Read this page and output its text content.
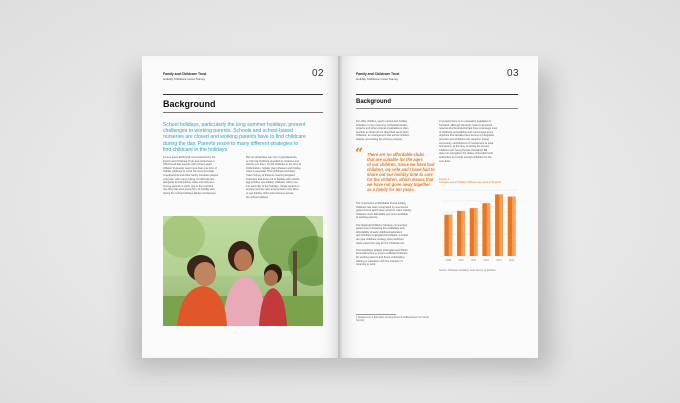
Family and Childcare Trust
Holiday Childcare Costs Survey	02
Background
School holidays, particularly the long summer holidays, present
challenges to working parents. Schools and school-based
nurseries are closed and working parents have to find childcare
during the day. Parents resort to many different strategies to
find childcare in the holidays.
A Lone Ipsos MORI poll commissioned by the
Family and Childcare Trust and carried out in
2016 found that parents with primary-aged
children frequently used more than one form of
holiday childcare to cover the summer break.
Grandparents and other family members played
a big role, with many relying on informal care
alongside formal holiday clubs and schemes.
Among parents in work, one in five reported
that they had used some form of holiday club
during the school holidays (Rutter and Evans).
But not all families can rely on grandparents,
or informal childcare provided by relatives and
friends. For them, formal childcare in the form of
childminders, holiday play schemes and holiday
clubs is essential. This Childcare and Early
Years Survey of Parents covering England
estimates that three out of families with school-
age children use holiday childcare. Many use
it in each day of the holidays. Single parents in
employment are also among those most likely
to use holiday clubs and schemes across
the school holidays.
Family and Childcare Trust
Holiday Childcare Costs Survey	03
Background
For older children, sports camps and holiday
activities run by museums, orchestral theatre
projects and other cultural organisations often
function as what can be described as de facto
childcare, an arrangement that serves children
despite not existing the primary purpose.
“ There are no affordable clubs
that are suitable for the ages
of our children. Since we have had
children, my wife and I have had to
share out our holiday time to care
for the children, which means that
we have not gone away together
as a family for ten years.
The importance of affordable formal holiday
childcare has been recognised by successive
governments which have aimed to make holiday
childcare more affordable and more available
to working parents.

The National Childcare Strategy commented
government increasing the availability and
affordability of early childhood education
and childcare in England and Wales. A further
ten year childcare strategy was published
which paved the way for the Childcare Act.

This legislation obliges all English and Welsh
local authorities to ensure sufficient childcare
for working parents and those undertaking
training or education with the intention of
returning to work.
At present there is no equivalent legislation in
Scotland, although the Early Years Framework
requires that local authorities have a strategic view
of childcare accessibility and encourages every
objective that families have access to integrated
provision and childcare are valued in strong
community mechanisms of involvement at local
and parent. At the time of writing the current
Children and Young People (Scotland) Bill
does not strengthen the duties of Scottish local
authorities to provide enough childcare for the
over fives.
Figure 1
Average cost of holiday childcare per week in England
2009	2010	2011	2012	2013	2014
Source: Childcare and Early Years Survey of Families
1 Department for Education and Employment andDepartment for Social Security
